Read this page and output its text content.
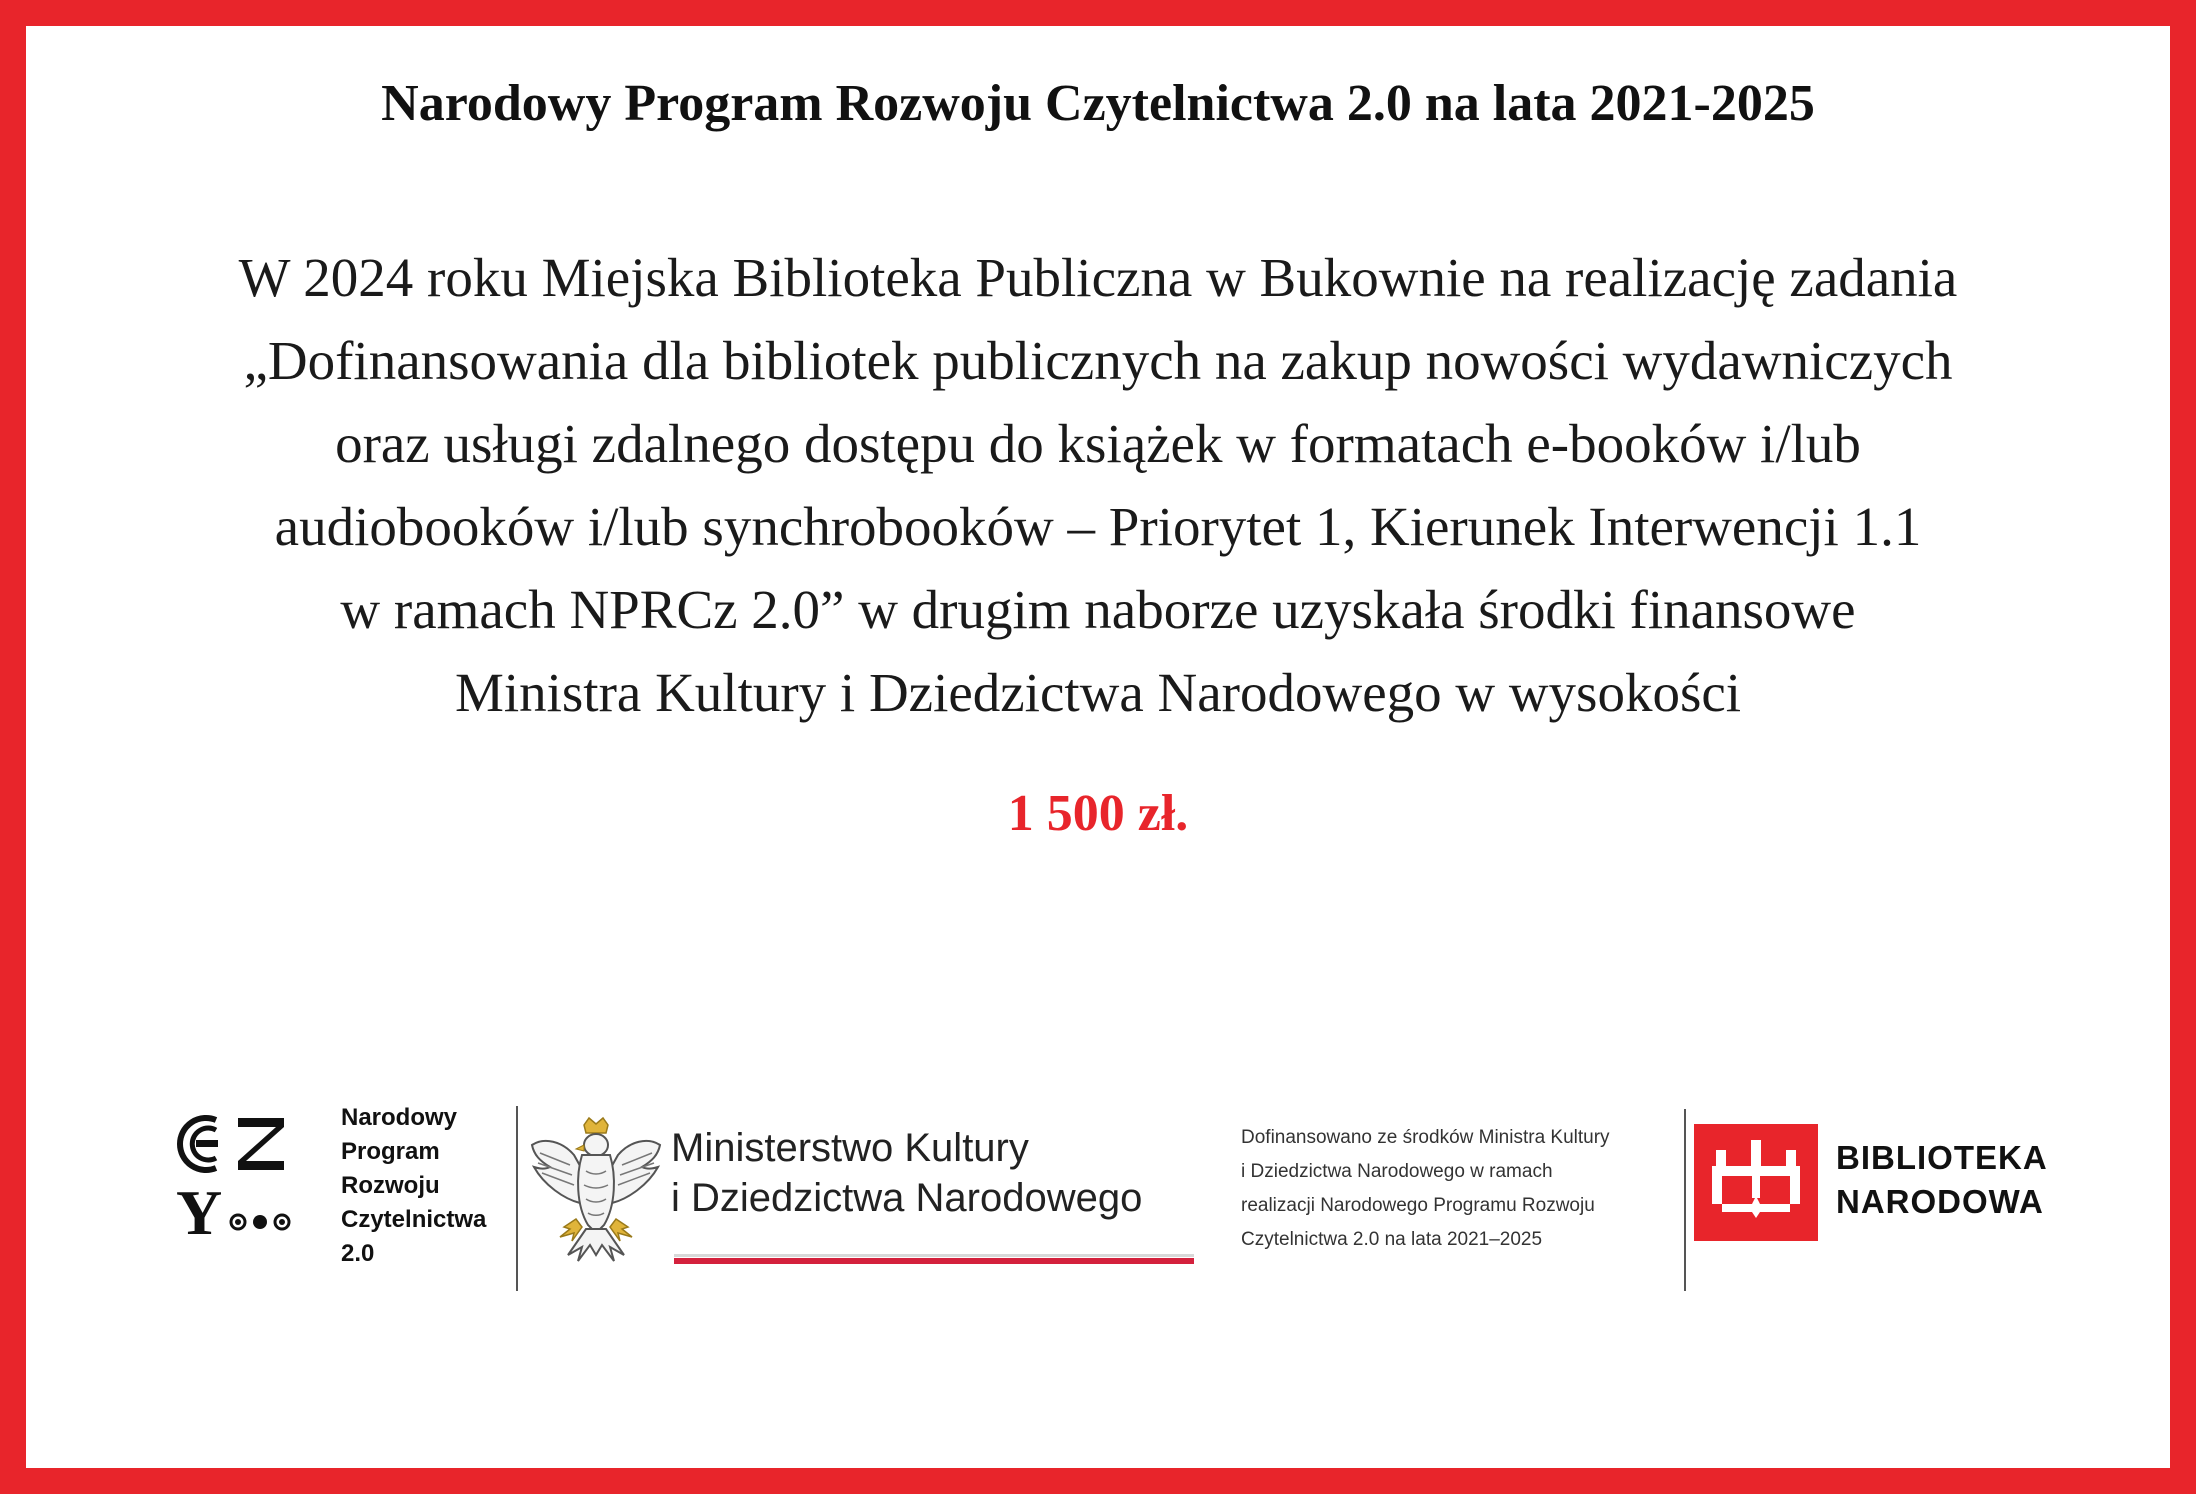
Narodowy Program Rozwoju Czytelnictwa 2.0 na lata 2021-2025
W 2024 roku Miejska Biblioteka Publiczna w Bukownie na realizację zadania
„Dofinansowania dla bibliotek publicznych na zakup nowości wydawniczych
oraz usługi zdalnego dostępu do książek w formatach e-booków i/lub
audiobooków i/lub synchrobooków – Priorytet 1, Kierunek Interwencji 1.1
w ramach NPRCz 2.0” w drugim naborze uzyskała środki finansowe
Ministra Kultury i Dziedzictwa Narodowego w wysokości
1 500 zł.
Y
Narodowy
Program
Rozwoju
Czytelnictwa
2.0
Ministerstwo Kultury
i Dziedzictwa Narodowego
Dofinansowano ze środków Ministra Kultury
i Dziedzictwa Narodowego w ramach
realizacji Narodowego Programu Rozwoju
Czytelnictwa 2.0 na lata 2021–2025
BIBLIOTEKA
NARODOWA
